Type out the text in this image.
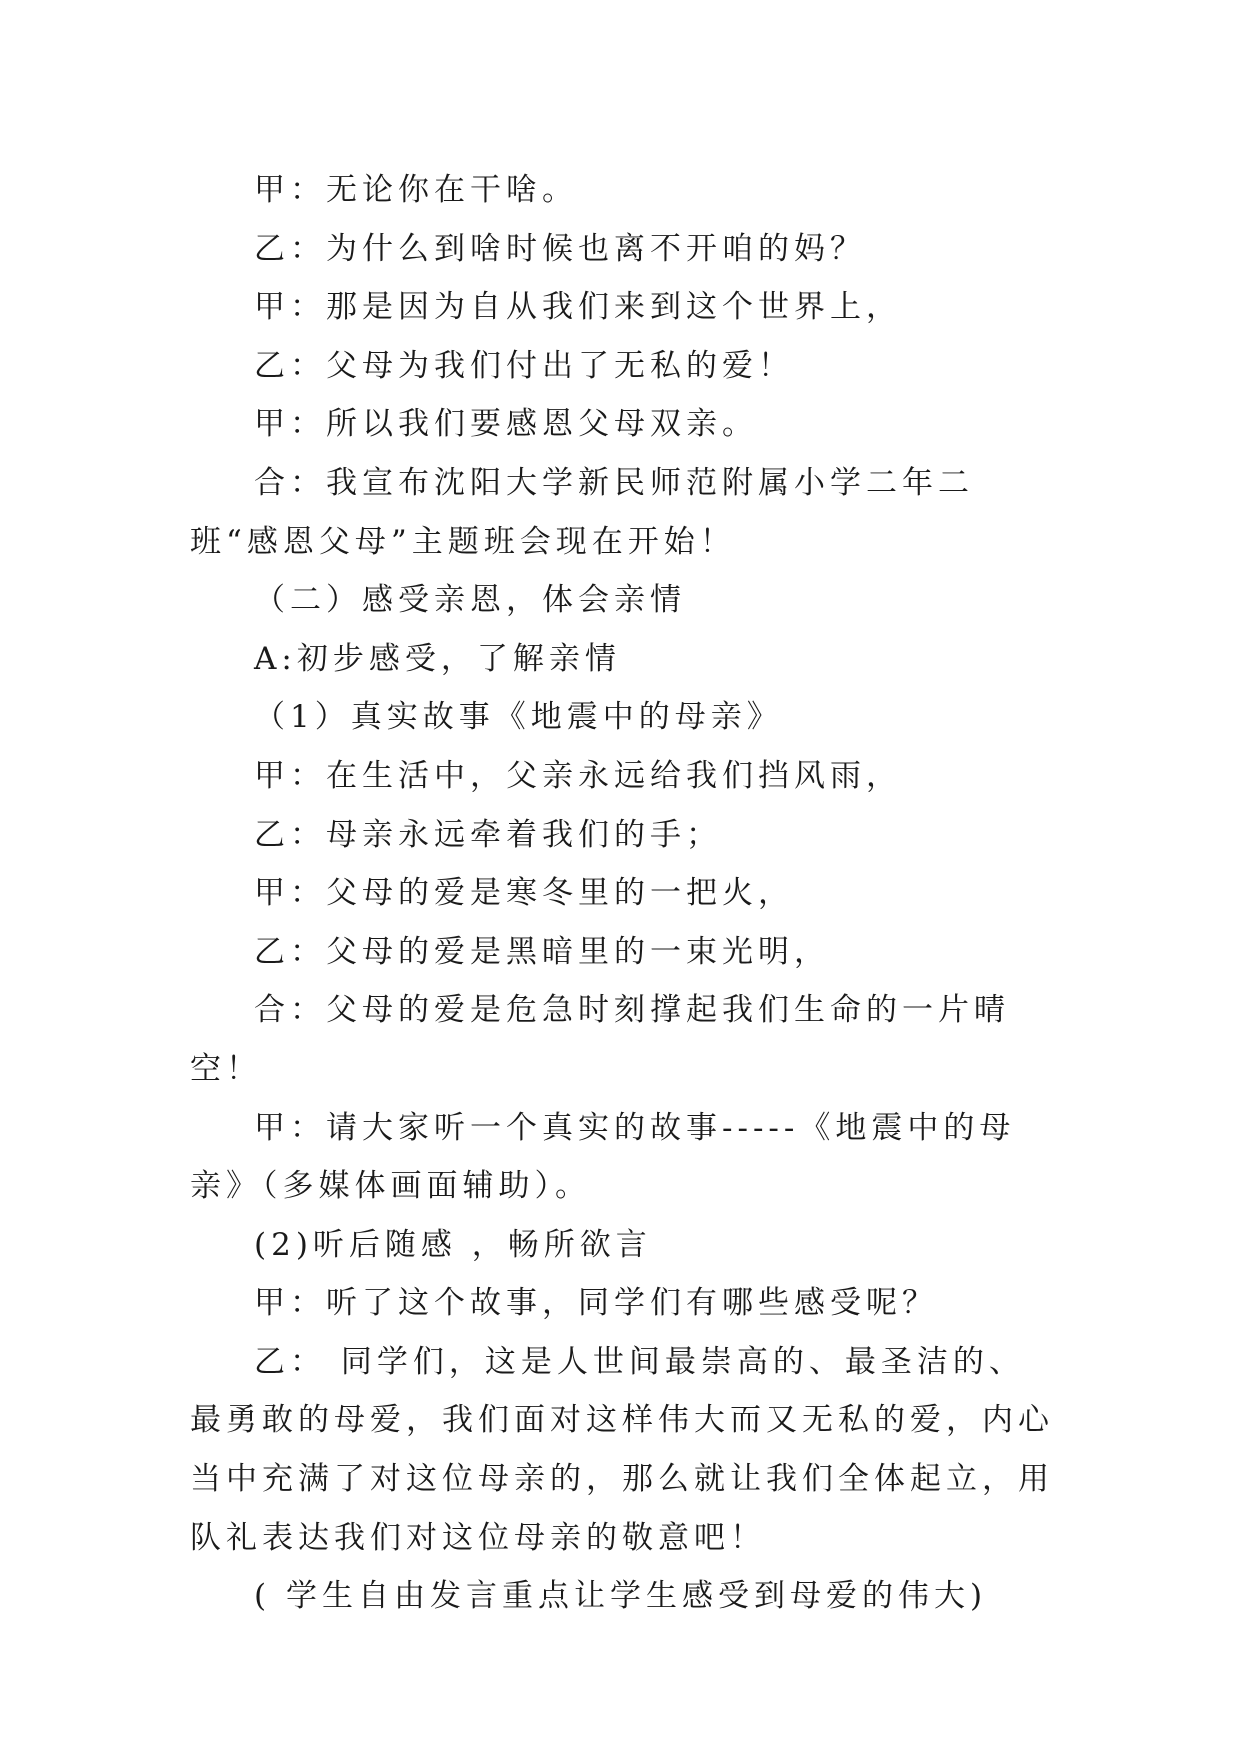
甲：无论你在干啥。

乙：为什么到啥时候也离不开咱的妈？

甲：那是因为自从我们来到这个世界上，

乙：父母为我们付出了无私的爱！

甲：所以我们要感恩父母双亲。

合：我宣布沈阳大学新民师范附属小学二年二班“感恩父母”主题班会现在开始！

（二）感受亲恩，体会亲情

A:初步感受，了解亲情

（1）真实故事《地震中的母亲》

甲：在生活中，父亲永远给我们挡风雨，

乙：母亲永远牵着我们的手；

甲：父母的爱是寒冬里的一把火，

乙：父母的爱是黑暗里的一束光明，

合：父母的爱是危急时刻撑起我们生命的一片晴空！

甲：请大家听一个真实的故事-----《地震中的母亲》（多媒体画面辅助）。

(2)听后随感 ，畅所欲言

甲：听了这个故事，同学们有哪些感受呢？

乙： 同学们，这是人世间最崇高的、最圣洁的、最勇敢的母爱，我们面对这样伟大而又无私的爱，内心当中充满了对这位母亲的，那么就让我们全体起立，用队礼表达我们对这位母亲的敬意吧！

( 学生自由发言重点让学生感受到母爱的伟大)
